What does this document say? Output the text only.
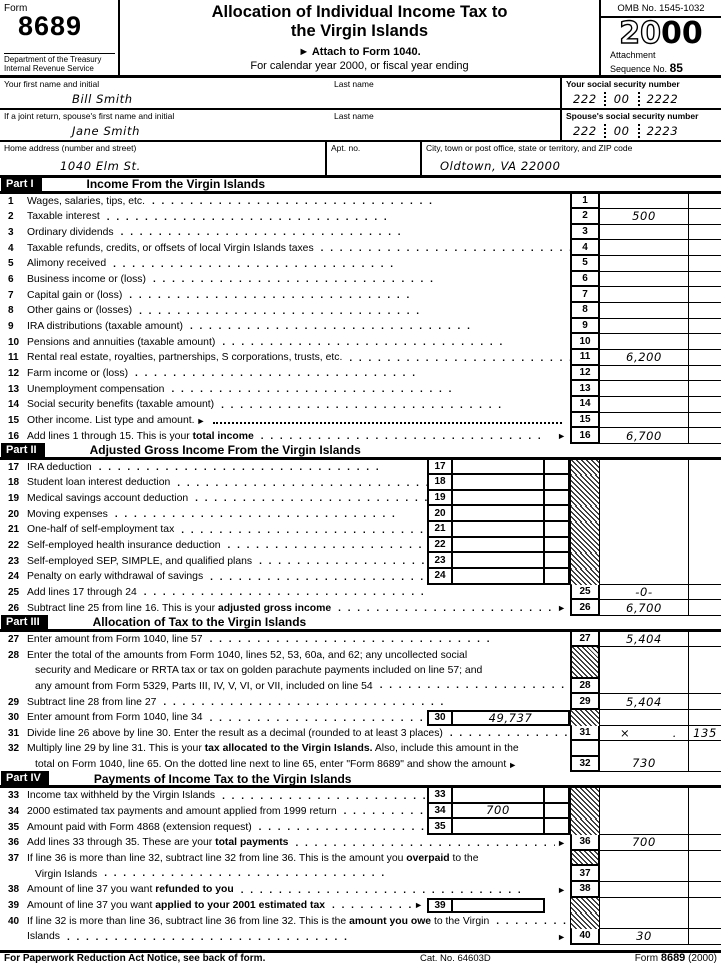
Form
8689
Department of the Treasury
Internal Revenue Service
Allocation of Individual Income Tax to
the Virgin Islands
► Attach to Form 1040.
For calendar year 2000, or fiscal year ending
OMB No. 1545-1032
2000
Attachment
Sequence No. 85
Your first name and initial
Bill Smith
Last name	Your social security number
222	00	2222
If a joint return, spouse's first name and initial
Jane Smith
Last name	Spouse's social security number
222	00	2223
Home address (number and street)
1040 Elm St.
Apt. no.	City, town or post office, state or territory, and ZIP code
Oldtown, VA 22000
Part I	Income From the Virgin Islands
1 Wages, salaries, tips, etc. .	1
2 Taxable interest .	2	500
3 Ordinary dividends .	3
4 Taxable refunds, credits, or offsets of local Virgin Islands taxes .	4
5 Alimony received .	5
6 Business income or (loss) .	6
7 Capital gain or (loss) .	7
8 Other gains or (losses) .	8
9 IRA distributions (taxable amount) .	9
10 Pensions and annuities (taxable amount) .	10
11 Rental real estate, royalties, partnerships, S corporations, trusts, etc. .	11	6,200
12 Farm income or (loss) .	12
13 Unemployment compensation .	13
14 Social security benefits (taxable amount) .	14
15 Other income. List type and amount. ►	15
16 Add lines 1 through 15. This is your total income .	►	16	6,700
Part II	Adjusted Gross Income From the Virgin Islands
17 IRA deduction .	17
18 Student loan interest deduction .	18
19 Medical savings account deduction .	19
20 Moving expenses .	20
21 One-half of self-employment tax .	21
22 Self-employed health insurance deduction .	22
23 Self-employed SEP, SIMPLE, and qualified plans .	23
24 Penalty on early withdrawal of savings .	24
25 Add lines 17 through 24 .	25	-0-
26 Subtract line 25 from line 16. This is your adjusted gross income .	►	26	6,700
Part III	Allocation of Tax to the Virgin Islands
27 Enter amount from Form 1040, line 57 .	27	5,404
28 Enter the total of the amounts from Form 1040, lines 52, 53, 60a, and 62; any uncollected social
security and Medicare or RRTA tax or tax on golden parachute payments included on line 57; and
any amount from Form 5329, Parts III, IV, V, VI, or VII, included on line 54 .	28
29 Subtract line 28 from line 27 .	29	5,404
30 Enter amount from Form 1040, line 34 .	30	49,737
31 Divide line 26 above by line 30. Enter the result as a decimal (rounded to at least 3 places) .	31	×	. 135
32 Multiply line 29 by line 31. This is your tax allocated to the Virgin Islands. Also, include this amount in the
total on Form 1040, line 65. On the dotted line next to line 65, enter "Form 8689" and show the amount ►	32	730
Part IV	Payments of Income Tax to the Virgin Islands
33 Income tax withheld by the Virgin Islands .	33
34 2000 estimated tax payments and amount applied from 1999 return .	34	700
35 Amount paid with Form 4868 (extension request) .	35
36 Add lines 33 through 35. These are your total payments .	►	36	700
37 If line 36 is more than line 32, subtract line 32 from line 36. This is the amount you overpaid to the
Virgin Islands .	37
38 Amount of line 37 you want refunded to you .	►	38
39 Amount of line 37 you want applied to your 2001 estimated tax .	►	39
40 If line 32 is more than line 36, subtract line 36 from line 32. This is the amount you owe to the Virgin
.
Islands .	►	40	30
For Paperwork Reduction Act Notice, see back of form.	Cat. No. 64603D	Form 8689 (2000)
